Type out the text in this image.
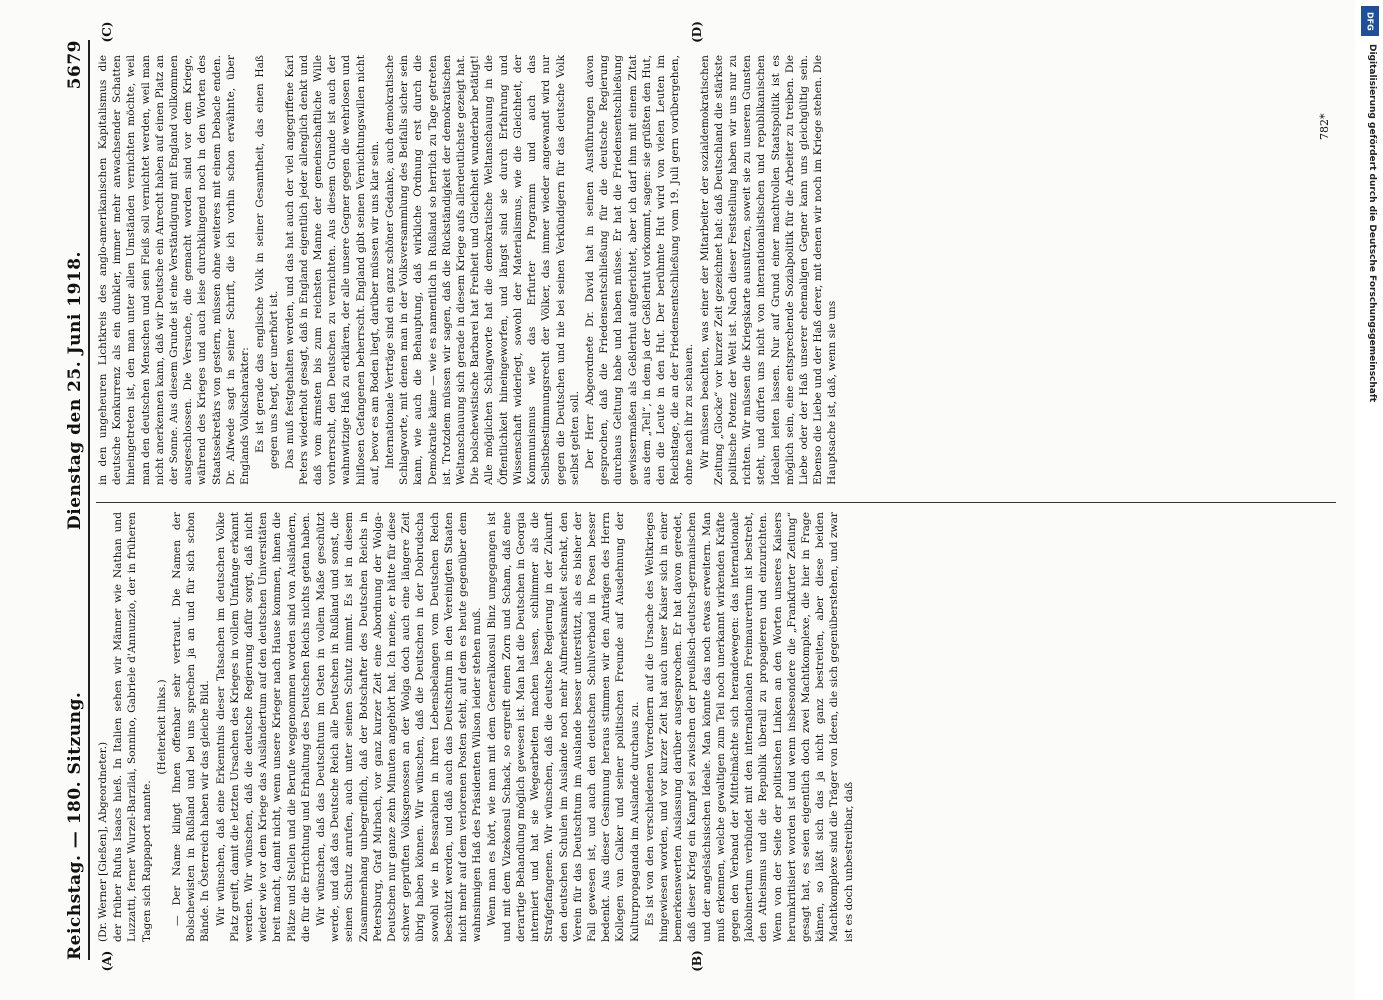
Reichstag. — 180. Sitzung.
Dienstag den 25. Juni 1918.
5679
(A)	(B)
(C)	(D)

(Dr. Werner [Gießen], Abgeordneter.) der früher Rufus Isaacs hieß. In Italien sehen wir Männer wie Nathan und Luzzatti, ferner Wurzel-Barzilai, Sonnino, Gabriele d'Annunzio, der in früheren Tagen sich Rappaport nannte.

(Heiterkeit links.) — Der Name klingt Ihnen offenbar sehr vertraut. Die Namen der Bolschewisten in Rußland und bei uns sprechen ja an und für sich schon Bände. In Österreich haben wir das gleiche Bild. Wir wünschen, daß eine Erkenntnis dieser Tatsachen im deutschen Volke Platz greift, damit die letzten Ursachen des Krieges in vollem Umfange erkannt werden. Wir wünschen, daß die deutsche Regierung dafür sorgt, daß nicht wieder wie vor dem Kriege das Ausländertum auf den deutschen Universitäten breit macht, damit nicht, wenn unsere Krieger nach Hause kommen, ihnen die Plätze und Stellen und die Berufe weggenommen worden sind von Ausländern, die für die Errichtung und Erhaltung des Deutschen Reichs nichts getan haben. Wir wünschen, daß das Deutschtum im Osten in vollem Maße geschützt werde, und daß das Deutsche Reich alle Deutschen in Rußland und sonst, die seinen Schutz anrufen, auch unter seinen Schutz nimmt. Es ist in diesem Zusammenhang unbegreiflich, daß der Botschafter des Deutschen Reichs in Petersburg, Graf Mirbach, vor ganz kurzer Zeit eine Abordnung der Wolga-Deutschen nur ganze zehn Minuten angehört hat. Ich meine, er hätte für diese schwer geprüften Volksgenossen an der Wolga doch auch eine längere Zeit übrig haben können. Wir wünschen, daß die Deutschen in der Dobrudscha sowohl wie in Bessarabien in ihren Lebensbelangen vom Deutschen Reich beschützt werden, und daß auch das Deutschtum in den Vereinigten Staaten nicht mehr auf dem verlorenen Posten steht, auf dem es heute gegenüber dem wahnsinnigen Haß des Präsidenten Wilson leider stehen muß. Wenn man es hört, wie man mit dem Generalkonsul Binz umgegangen ist und mit dem Vizekonsul Schack, so ergreift einen Zorn und Scham, daß eine derartige Behandlung möglich gewesen ist. Man hat die Deutschen in Georgia interniert und hat sie Wegearbeiten machen lassen, schlimmer als die Strafgefangenen. Wir wünschen, daß die deutsche Regierung in der Zukunft den deutschen Schulen im Auslande noch mehr Aufmerksamkeit schenkt, den Verein für das Deutschtum im Auslande besser unterstützt, als es bisher der Fall gewesen ist, und auch den deutschen Schulverband in Posen besser bedenkt. Aus dieser Gesinnung heraus stimmen wir den Anträgen des Herrn Kollegen van Calker und seiner politischen Freunde auf Ausdehnung der Kulturpropaganda im Auslande durchaus zu. Es ist von den verschiedenen Vorrednern auf die Ursache des Weltkrieges hingewiesen worden, und vor kurzer Zeit hat auch unser Kaiser sich in einer bemerkenswerten Auslassung darüber ausgesprochen. Er hat davon geredet, daß dieser Krieg ein Kampf sei zwischen der preußisch-deutsch-germanischen und der angelsächsischen Ideale. Man könnte das noch etwas erweitern. Man muß erkennen, welche gewaltigen zum Teil noch unerkannt wirkenden Kräfte gegen den Verband der Mittelmächte sich herandewegen: das internationale Jakobinertum verbündet mit den internationalen Freimaurertum ist bestrebt, den Atheismus und die Republik überall zu propagieren und einzurichten. Wenn von der Seite der politischen Linken an den Worten unseres Kaisers herumkritisiert worden ist und wenn insbesondere die „Frankfurter Zeitung“ gesagt hat, es seien eigentlich doch zwei Machtkomplexe, die hier in Frage kämen, so läßt sich das ja nicht ganz bestreiten, aber diese beiden Machtkomplexe sind die Träger von Ideen, die sich gegenüberstehen, und zwar ist es doch unbestreitbar, daß

in den ungeheuren Lichtkreis des anglo-amerikanischen Kapitalismus die deutsche Konkurrenz als ein dunkler, immer mehr anwachsender Schatten hineingetreten ist, den man unter allen Umständen vernichten möchte, weil man den deutschen Menschen und sein Fleiß soll vernichtet werden, weil man nicht anerkennen kann, daß wir Deutsche ein Anrecht haben auf einen Platz an der Sonne. Aus diesem Grunde ist eine Verständigung mit England vollkommen ausgeschlossen. Die Versuche, die gemacht worden sind vor dem Kriege, während des Krieges und auch leise durchklingend noch in den Worten des Staatssekretärs von gestern, müssen ohne weiteres mit einem Debacle enden. Dr. Alfwede sagt in seiner Schrift, die ich vorhin schon erwähnte, über Englands Volkscharakter: Es ist gerade das englische Volk in seiner Gesamtheit, das einen Haß gegen uns hegt, der unerhört ist. Das muß festgehalten werden, und das hat auch der viel angegriffene Karl Peters wiederholt gesagt, daß in England eigentlich jeder allenglich denkt und daß vom ärmsten bis zum reichsten Manne der gemeinschaftliche Wille vorherrscht, den Deutschen zu vernichten. Aus diesem Grunde ist auch der wahnwitzige Haß zu erklären, der alle unsere Gegner gegen die wehrlosen und hilflosen Gefangenen beherrscht. England gibt seinen Vernichtungswillen nicht auf, bevor es am Boden liegt, darüber müssen wir uns klar sein. Internationale Verträge sind ein ganz schöner Gedanke, auch demokratische Schlagworte, mit denen man in der Volksversammlung des Beifalls sicher sein kann, wie auch die Behauptung, daß wirkliche Ordnung erst durch die Demokratie käme — wie es namentlich in Rußland so herrlich zu Tage getreten ist. Trotzdem müssen wir sagen, daß die Rückständigkeit der demokratischen Weltanschauung sich gerade in diesem Kriege aufs allerdeutlichste gezeigt hat. Die bolschewistische Barbarei hat Freiheit und Gleichheit wunderbar betätigt! Alle möglichen Schlagworte hat die demokratische Weltanschauung in die Öffentlichkeit hineingeworfen, und längst sind sie durch Erfahrung und Wissenschaft widerlegt, sowohl der Materialismus, wie die Gleichheit, der Kommunismus wie das Erfurter Programm und auch das Selbstbestimmungsrecht der Völker, das immer wieder angewandt wird nur gegen die Deutschen und nie bei seinen Verkündigern für das deutsche Volk selbst gelten soll. Der Herr Abgeordnete Dr. David hat in seinen Ausführungen davon gesprochen, daß die Friedensentschließung für die deutsche Regierung durchaus Geltung habe und haben müsse. Er hat die Friedensentschließung gewissermaßen als Geßlerhut aufgerichtet, aber ich darf ihm mit einem Zitat aus dem „Tell“, in dem ja der Geßlerhut vorkommt, sagen: sie grüßten den Hut, den die Leute in den Hut. Der berühmte Hut wird von vielen Leuten im Reichstage, die an der Friedensentschließung vom 19. Juli gern vorübergehen, ohne nach ihr zu schauen. Wir müssen beachten, was einer der Mitarbeiter der sozialdemokratischen Zeitung „Glocke“ vor kurzer Zeit gezeichnet hat: daß Deutschland die stärkste politische Potenz der Welt ist. Nach dieser Feststellung haben wir uns nur zu richten. Wir müssen die Kriegskarte ausnützen, soweit sie zu unseren Gunsten steht, und dürfen uns nicht von internationalistischen und republikanischen Idealen leiten lassen. Nur auf Grund einer machtvollen Staatspolitik ist es möglich sein, eine entsprechende Sozialpolitik für die Arbeiter zu treiben. Die Liebe oder der Haß unserer ehemaligen Gegner kann uns gleichgültig sein. Ebenso die Liebe und der Haß derer, mit denen wir noch im Kriege stehen. Die Hauptsache ist, daß, wenn sie uns

782*
DFG
Digitalisierung gefördert durch die Deutsche Forschungsgemeinschaft
